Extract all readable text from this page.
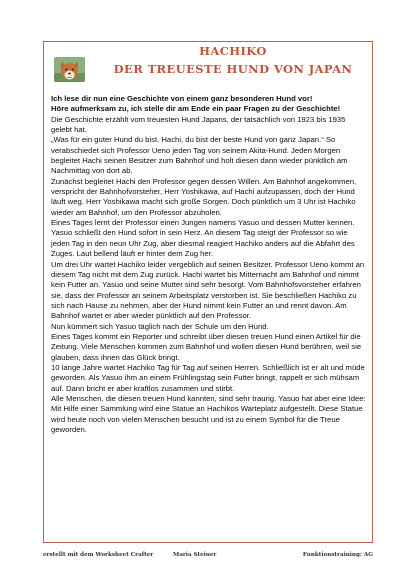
HACHIKO
DER TREUESTE HUND VON JAPAN

Ich lese dir nun eine Geschichte von einem ganz besonderen Hund vor!

Höre aufmerksam zu, ich stelle dir am Ende ein paar Fragen zu der Geschichte!

Die Geschichte erzählt vom treuesten Hund Japans, der tatsächlich von 1923 bis 1935 gelebt hat.

„Was für ein guter Hund du bist. Hachi, du bist der beste Hund von ganz Japan.“ So verabschiedet sich Professor Ueno jeden Tag von seinem Akita-Hund. Jeden Morgen begleitet Hachi seinen Besitzer zum Bahnhof und holt diesen dann wieder pünktlich am Nachmittag von dort ab.

Zunächst begleitet Hachi den Professor gegen dessen Willen. Am Bahnhof angekommen, verspricht der Bahnhofvorsteher, Herr Yoshikawa, auf Hachi aufzupassen, doch der Hund läuft weg. Herr Yoshikawa macht sich große Sorgen. Doch pünktlich um 3 Uhr ist Hachiko wieder am Bahnhof, um den Professor abzuholen.

Eines Tages lernt der Professor einen Jungen namens Yasuo und dessen Mutter kennen. Yasuo schließt den Hund sofort in sein Herz. An diesem Tag steigt der Professor so wie jeden Tag in den neun Uhr Zug, aber diesmal reagiert Hachiko anders auf die Abfahrt des Zuges. Laut bellend läuft er hinter dem Zug her.

Um drei Uhr wartet Hachiko leider vergeblich auf seinen Besitzer. Professor Ueno kommt an diesem Tag nicht mit dem Zug zurück. Hachi wartet bis Mitternacht am Bahnhof und nimmt kein Futter an. Yasuo und seine Mutter sind sehr besorgt. Vom Bahnhofsvorsteher erfahren sie, dass der Professor an seinem Arbeitsplatz verstorben ist. Sie beschließen Hachiko zu sich nach Hause zu nehmen, aber der Hund nimmt kein Futter an und rennt davon. Am Bahnhof wartet er aber wieder pünktlich auf den Professor.

Nun kümmert sich Yasuo täglich nach der Schule um den Hund.

Eines Tages kommt ein Reporter und schreibt über diesen treuen Hund einen Artikel für die Zeitung. Viele Menschen kommen zum Bahnhof und wollen diesen Hund berühren, weil sie glauben, dass ihnen das Glück bringt.

10 lange Jahre wartet Hachiko Tag für Tag auf seinen Herren. Schließlich ist er alt und müde geworden. Als Yasuo ihm an einem Frühlingstag sein Futter bringt, rappelt er sich mühsam auf. Dann bricht er aber kraftlos zusammen und stirbt.

Alle Menschen, die diesen treuen Hund kannten, sind sehr traurig. Yasuo hat aber eine Idee: Mit Hilfe einer Sammlung wird eine Statue an Hachikos Warteplatz aufgestellt. Diese Statue wird heute noch von vielen Menschen besucht und ist zu einem Symbol für die Treue geworden.

erstellt mit dem Worksheet Crafter	Maria Steiner	Funktionstraining: AG
